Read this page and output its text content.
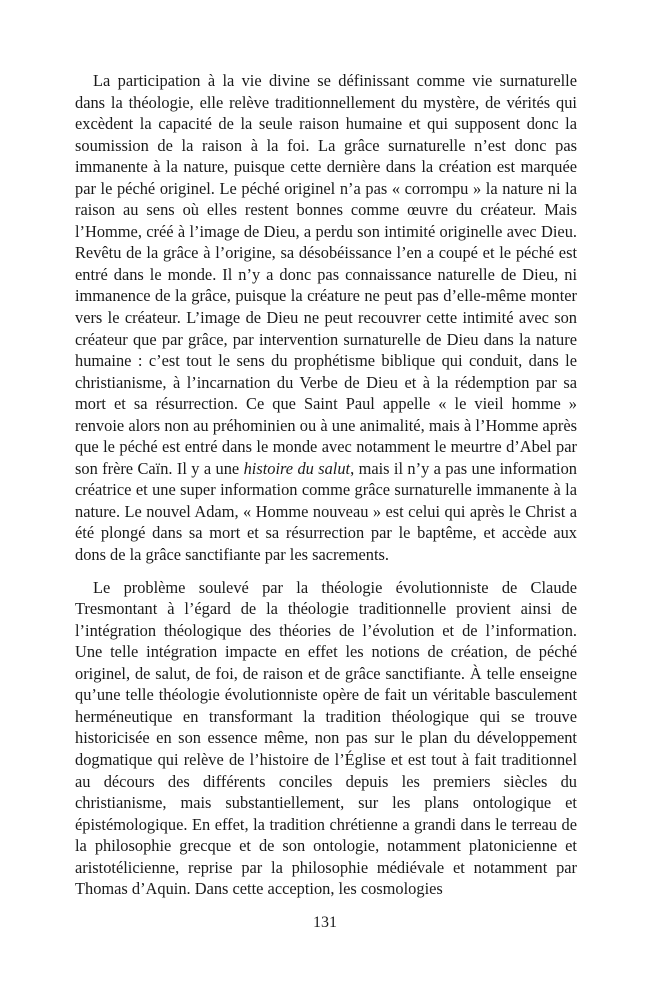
La participation à la vie divine se définissant comme vie surnaturelle dans la théologie, elle relève traditionnellement du mystère, de vérités qui excèdent la capacité de la seule raison humaine et qui supposent donc la soumission de la raison à la foi. La grâce surnaturelle n’est donc pas immanente à la nature, puisque cette dernière dans la création est marquée par le péché originel. Le péché originel n’a pas « corrompu » la nature ni la raison au sens où elles restent bonnes comme œuvre du créateur. Mais l’Homme, créé à l’image de Dieu, a perdu son intimité originelle avec Dieu. Revêtu de la grâce à l’origine, sa désobéissance l’en a coupé et le péché est entré dans le monde. Il n’y a donc pas connaissance naturelle de Dieu, ni immanence de la grâce, puisque la créature ne peut pas d’elle-même monter vers le créateur. L’image de Dieu ne peut recouvrer cette intimité avec son créateur que par grâce, par intervention surnaturelle de Dieu dans la nature humaine : c’est tout le sens du prophétisme biblique qui conduit, dans le christianisme, à l’incarnation du Verbe de Dieu et à la rédemption par sa mort et sa résurrection. Ce que Saint Paul appelle « le vieil homme » renvoie alors non au préhominien ou à une animalité, mais à l’Homme après que le péché est entré dans le monde avec notamment le meurtre d’Abel par son frère Caïn. Il y a une histoire du salut, mais il n’y a pas une information créatrice et une super information comme grâce surnaturelle immanente à la nature. Le nouvel Adam, « Homme nouveau » est celui qui après le Christ a été plongé dans sa mort et sa résurrection par le baptême, et accède aux dons de la grâce sanctifiante par les sacrements.

Le problème soulevé par la théologie évolutionniste de Claude Tresmontant à l’égard de la théologie traditionnelle provient ainsi de l’intégration théologique des théories de l’évolution et de l’information. Une telle intégration impacte en effet les notions de création, de péché originel, de salut, de foi, de raison et de grâce sanctifiante. À telle enseigne qu’une telle théologie évolutionniste opère de fait un véritable basculement herméneutique en transformant la tradition théologique qui se trouve historicisée en son essence même, non pas sur le plan du développement dogmatique qui relève de l’histoire de l’Église et est tout à fait traditionnel au décours des différents conciles depuis les premiers siècles du christianisme, mais substantiellement, sur les plans ontologique et épistémologique. En effet, la tradition chrétienne a grandi dans le terreau de la philosophie grecque et de son ontologie, notamment platonicienne et aristotélicienne, reprise par la philosophie médiévale et notamment par Thomas d’Aquin. Dans cette acception, les cosmologies

131
